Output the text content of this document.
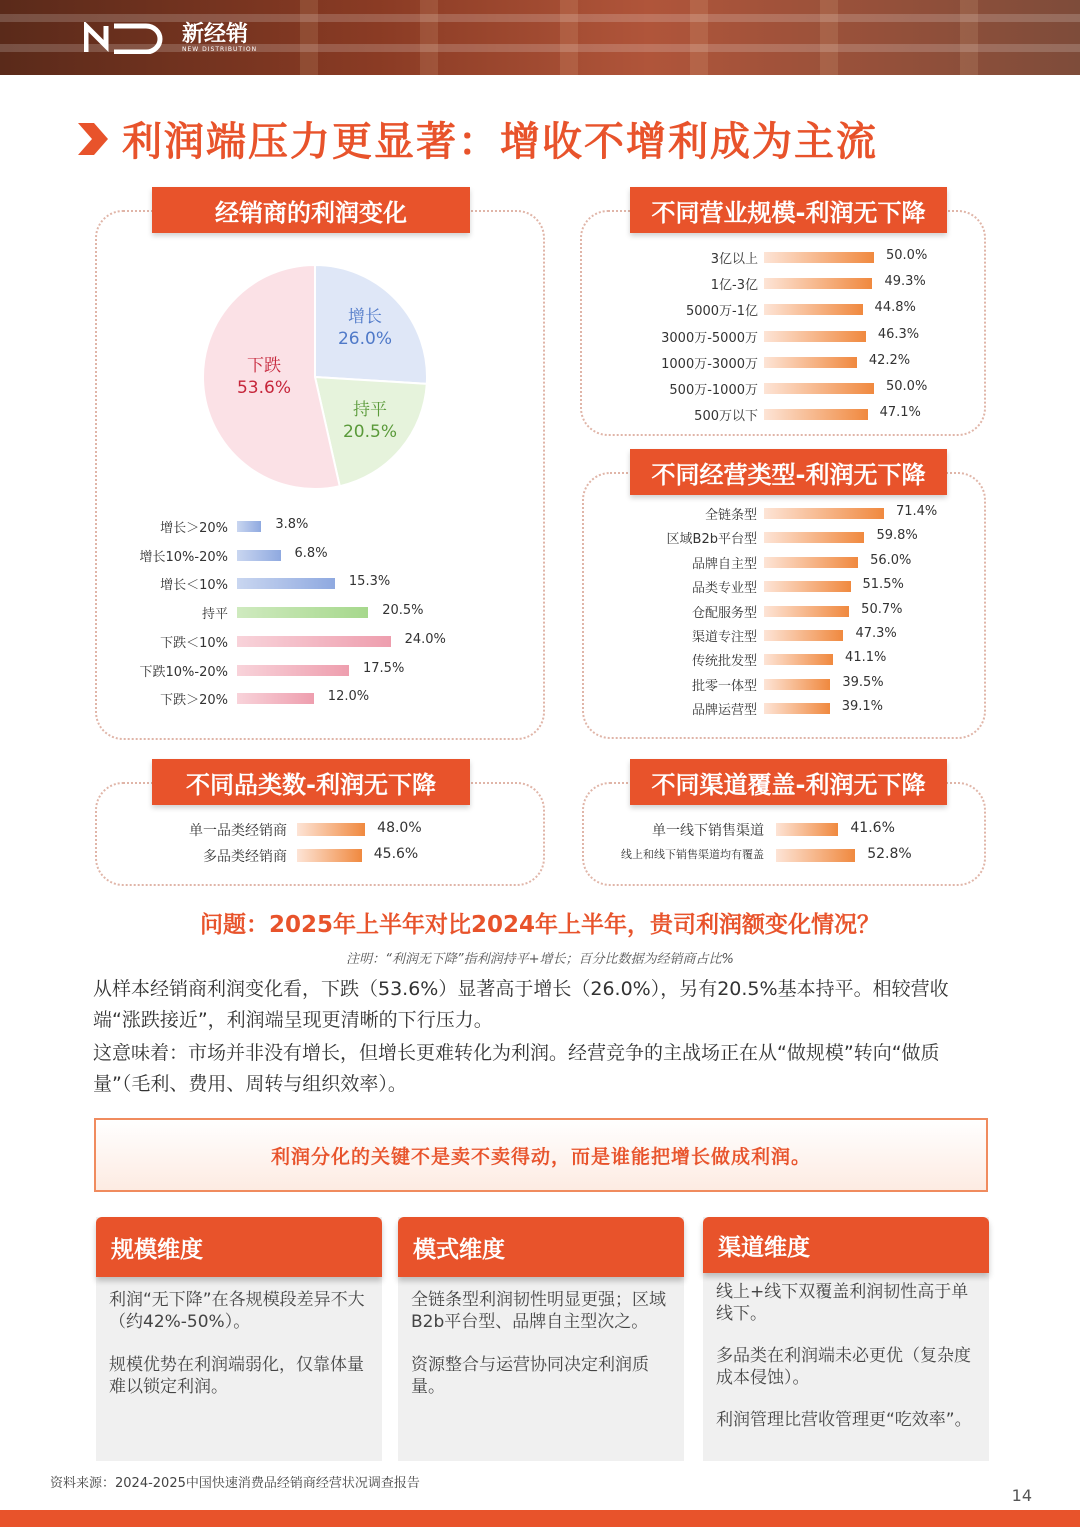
新经销
NEW DISTRIBUTION
利润端压力更显著：增收不增利成为主流
经销商的利润变化
增长
26.0%
持平
20.5%
下跌
53.6%
增长＞20%	3.8%
增长10%-20%	6.8%
增长＜10%	15.3%
持平	20.5%
下跌＜10%	24.0%
下跌10%-20%	17.5%
下跌＞20%	12.0%
不同营业规模-利润无下降
3亿以上	50.0%
1亿-3亿	49.3%
5000万-1亿	44.8%
3000万-5000万	46.3%
1000万-3000万	42.2%
500万-1000万	50.0%
500万以下	47.1%
不同经营类型-利润无下降
全链条型	71.4%
区域B2b平台型	59.8%
品牌自主型	56.0%
品类专业型	51.5%
仓配服务型	50.7%
渠道专注型	47.3%
传统批发型	41.1%
批零一体型	39.5%
品牌运营型	39.1%
不同品类数-利润无下降
单一品类经销商	48.0%
多品类经销商	45.6%
不同渠道覆盖-利润无下降
单一线下销售渠道	41.6%
线上和线下销售渠道均有覆盖	52.8%
问题：2025年上半年对比2024年上半年，贵司利润额变化情况？
注明：“利润无下降”指利润持平+增长；百分比数据为经销商占比%
从样本经销商利润变化看，下跌（53.6%）显著高于增长（26.0%），另有20.5%基本持平。相较营收端“涨跌接近”，利润端呈现更清晰的下行压力。
这意味着：市场并非没有增长，但增长更难转化为利润。经营竞争的主战场正在从“做规模”转向“做质量”（毛利、费用、周转与组织效率）。
利润分化的关键不是卖不卖得动，而是谁能把增长做成利润。
规模维度

利润“无下降”在各规模段差异不大（约42%-50%）。

规模优势在利润端弱化，仅靠体量难以锁定利润。

模式维度

全链条型利润韧性明显更强；区域B2b平台型、品牌自主型次之。

资源整合与运营协同决定利润质量。

渠道维度

线上+线下双覆盖利润韧性高于单线下。

多品类在利润端未必更优（复杂度成本侵蚀）。

利润管理比营收管理更“吃效率”。

资料来源：2024-2025中国快速消费品经销商经营状况调查报告
14
